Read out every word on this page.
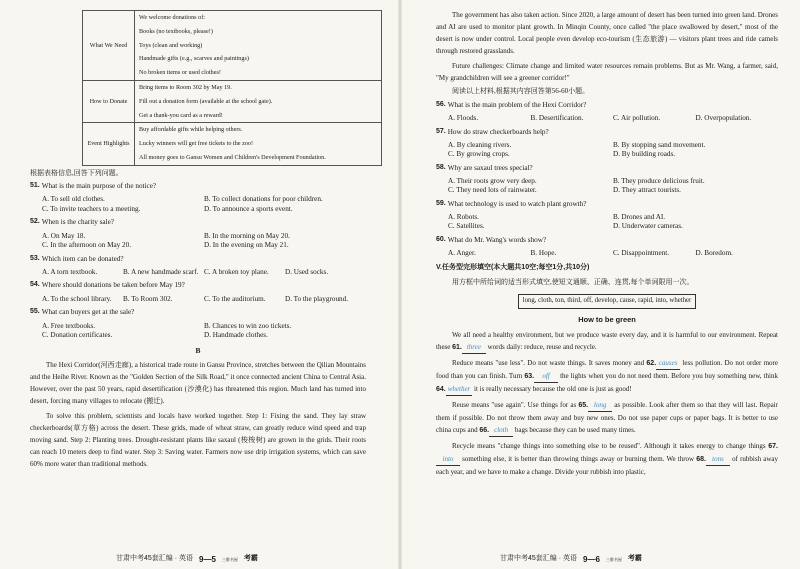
What We Need	We welcome donations of:
Books (no textbooks, please!)
Toys (clean and working)
Handmade gifts (e.g., scarves and paintings)
No broken items or used clothes!

How to Donate	Bring items to Room 302 by May 19.
Fill out a donation form (available at the school gate).
Get a thank-you card as a reward!

Event Highlights	Buy affordable gifts while helping others.
Lucky winners will get free tickets to the zoo!
All money goes to Gansu Women and Children's Development Foundation.
根据表格信息,回答下列问题。
51. What is the main purpose of the notice?
A. To sell old clothes.	B. To collect donations for poor children.
C. To invite teachers to a meeting.	D. To announce a sports event.
52. When is the charity sale?
A. On May 18.	B. In the morning on May 20.
C. In the afternoon on May 20.	D. In the evening on May 21.
53. Which item can be donated?
A. A torn textbook.	B. A new handmade scarf. C. A broken toy plane.	D. Used socks.
54. Where should donations be taken before May 19?
A. To the school library.	B. To Room 302.	C. To the auditorium.	D. To the playground.
55. What can buyers get at the sale?
A. Free textbooks.	B. Chances to win zoo tickets.
C. Donation certificates.	D. Handmade clothes.
B

The Hexi Corridor(河西走廊), a historical trade route in Gansu Province, stretches between the Qilian Mountains and the Heihe River. Known as the "Golden Section of the Silk Road," it once connected ancient China to Central Asia. However, over the past 50 years, rapid desertification (沙漠化) has threatened this region. Much land has turned into desert, forcing many villages to relocate (搬迁).

To solve this problem, scientists and locals have worked together. Step 1: Fixing the sand. They lay straw checkerboards(草方格) across the desert. These grids, made of wheat straw, can greatly reduce wind speed and trap moving sand. Step 2: Planting trees. Drought-resistant plants like saxaul (梭梭树) are grown in the grids. Their roots can reach 10 meters deep to find water. Step 3: Saving water. Farmers now use drip irrigation systems, which can save 60% more water than traditional methods.

甘肃中考45套汇编 · 英语 9—5 三维书屋 考霸

The government has also taken action. Since 2020, a large amount of desert has been turned into green land. Drones and AI are used to monitor plant growth. In Minqin County, once called "the place swallowed by desert," most of the desert is now under control. Local people even develop eco-tourism (生态旅游) — visitors plant trees and ride camels through restored grasslands.

Future challenges: Climate change and limited water resources remain problems. But as Mr. Wang, a farmer, said, "My grandchildren will see a greener corridor!"

阅读以上材料,根据其内容回答第56-60小题。
56. What is the main problem of the Hexi Corridor?
A. Floods.	B. Desertification.	C. Air pollution.	D. Overpopulation.
57. How do straw checkerboards help?
A. By cleaning rivers.	B. By stopping sand movement.
C. By growing crops.	D. By building roads.
58. Why are saxaul trees special?
A. Their roots grow very deep.	B. They produce delicious fruit.
C. They need lots of rainwater.	D. They attract tourists.
59. What technology is used to watch plant growth?
A. Robots.	B. Drones and AI.
C. Satellites.	D. Underwater cameras.
60. What do Mr. Wang's words show?
A. Anger.	B. Hope.	C. Disappointment.	D. Boredom.
V.任务型完形填空(本大题共10空;每空1分,共10分)
用方框中所给词的适当形式填空,使短文通顺、正确、连贯,每个单词限用一次。
long, cloth, ton, third, off, develop, cause, rapid, into, whether
How to be green

We all need a healthy environment, but we produce waste every day, and it is harmful to our environment. Repeat these 61. three words daily: reduce, reuse and recycle.

Reduce means "use less". Do not waste things. It saves money and 62. causes less pollution. Do not order more food than you can finish. Turn 63. off the lights when you do not need them. Before you buy something new, think 64. whether it is really necessary because the old one is just as good!

Reuse means "use again". Use things for as 65. long as possible. Look after them so that they will last. Repair them if possible. Do not throw them away and buy new ones. Do not use paper cups or paper bags. It is better to use china cups and 66. cloth bags because they can be used many times.

Recycle means "change things into something else to be reused". Although it takes energy to change things 67.into something else, it is better than throwing things away or burning them. We throw 68. tons of rubbish away each year, and we have to make a change. Divide your rubbish into plastic,

甘肃中考45套汇编 · 英语 9—6 三维书屋 考霸
